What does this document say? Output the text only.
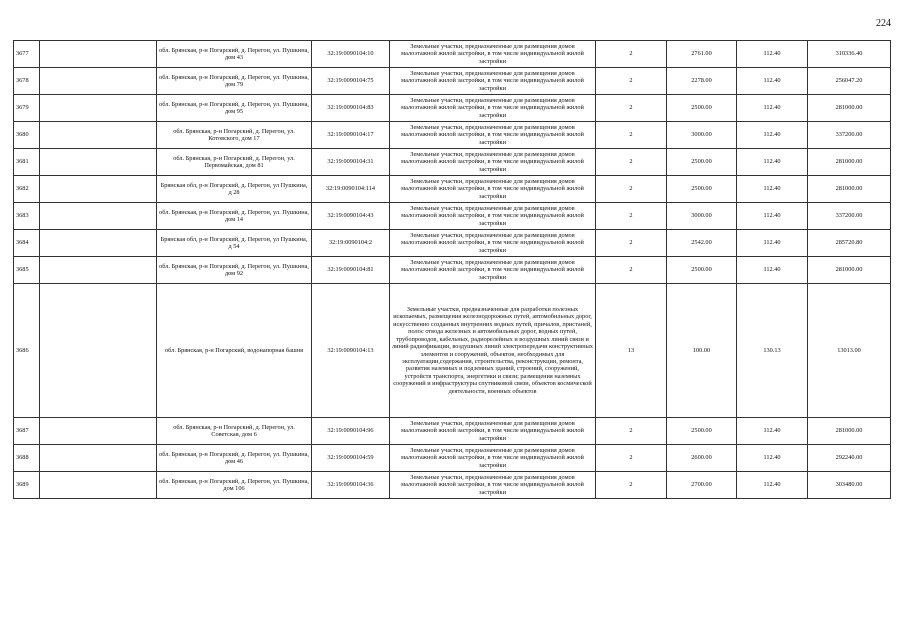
224
3677		обл. Брянская, р-н Погарский, д. Перегон, ул. Пушкина, дом 43	32:19:0090104:10	Земельные участки, предназначенные для размещения домов малоэтажной жилой застройки, в том числе индивидуальной жилой застройки	2	2761.00	112.40	310336.40
3678		обл. Брянская, р-н Погарский, д. Перегон, ул. Пушкина, дом 79	32:19:0090104:75	Земельные участки, предназначенные для размещения домов малоэтажной жилой застройки, в том числе индивидуальной жилой застройки	2	2278.00	112.40	256047.20
3679		обл. Брянская, р-н Погарский, д. Перегон, ул. Пушкина, дом 95	32:19:0090104:83	Земельные участки, предназначенные для размещения домов малоэтажной жилой застройки, в том числе индивидуальной жилой застройки	2	2500.00	112.40	281000.00
3680		обл. Брянская, р-н Погарский, д. Перегон, ул. Котовского, дом 17	32:19:0090104:17	Земельные участки, предназначенные для размещения домов малоэтажной жилой застройки, в том числе индивидуальной жилой застройки	2	3000.00	112.40	337200.00
3681		обл. Брянская, р-н Погарский, д. Перегон, ул. Первомайская, дом 81	32:19:0090104:31	Земельные участки, предназначенные для размещения домов малоэтажной жилой застройки, в том числе индивидуальной жилой застройки	2	2500.00	112.40	281000.00
3682		Брянская обл, р-н Погарский, д. Перегон, ул Пушкина, д 28	32:19:0090104:114	Земельные участки, предназначенные для размещения домов малоэтажной жилой застройки, в том числе индивидуальной жилой застройки	2	2500.00	112.40	281000.00
3683		обл. Брянская, р-н Погарский, д. Перегон, ул. Пушкина, дом 14	32:19:0090104:43	Земельные участки, предназначенные для размещения домов малоэтажной жилой застройки, в том числе индивидуальной жилой застройки	2	3000.00	112.40	337200.00
3684		Брянская обл, р-н Погарский, д. Перегон, ул Пушкина, д 54	32:19:0090104:2	Земельные участки, предназначенные для размещения домов малоэтажной жилой застройки, в том числе индивидуальной жилой застройки	2	2542.00	112.40	285720.80
3685		обл. Брянская, р-н Погарский, д. Перегон, ул. Пушкина, дом 92	32:19:0090104:81	Земельные участки, предназначенные для размещения домов малоэтажной жилой застройки, в том числе индивидуальной жилой застройки	2	2500.00	112.40	281000.00
3686		обл. Брянская, р-н Погарский, водонапорная башня	32:19:0090104:13	Земельные участки, предназначенные для разработки полезных ископаемых, размещения железнодорожных путей, автомобильных дорог, искусственно созданных внутренних водных путей, причалов, пристаней, полос отвода железных и автомобильных дорог, водных путей, трубопроводов, кабельных, радиорелейных и воздушных линий связи и линий радиофикации, воздушных линий электропередачи конструктивных элементов и сооружений, объектов, необходимых для эксплуатации,содержания, строительства, реконструкции, ремонта, развития наземных и подземных зданий, строений, сооружений, устройств транспорта, энергетики и связи; размещения наземных сооружений и инфраструктуры спутниковой связи, объектов космической деятельности, военных объектов	13	100.00	130.13	13013.00
3687		обл. Брянская, р-н Погарский, д. Перегон, ул. Советская, дом 6	32:19:0090104:96	Земельные участки, предназначенные для размещения домов малоэтажной жилой застройки, в том числе индивидуальной жилой застройки	2	2500.00	112.40	281000.00
3688		обл. Брянская, р-н Погарский, д. Перегон, ул. Пушкина, дом 46	32:19:0090104:59	Земельные участки, предназначенные для размещения домов малоэтажной жилой застройки, в том числе индивидуальной жилой застройки	2	2600.00	112.40	292240.00
3689		обл. Брянская, р-н Погарский, д. Перегон, ул. Пушкина, дом 106	32:19:0090104:36	Земельные участки, предназначенные для размещения домов малоэтажной жилой застройки, в том числе индивидуальной жилой застройки	2	2700.00	112.40	303480.00
